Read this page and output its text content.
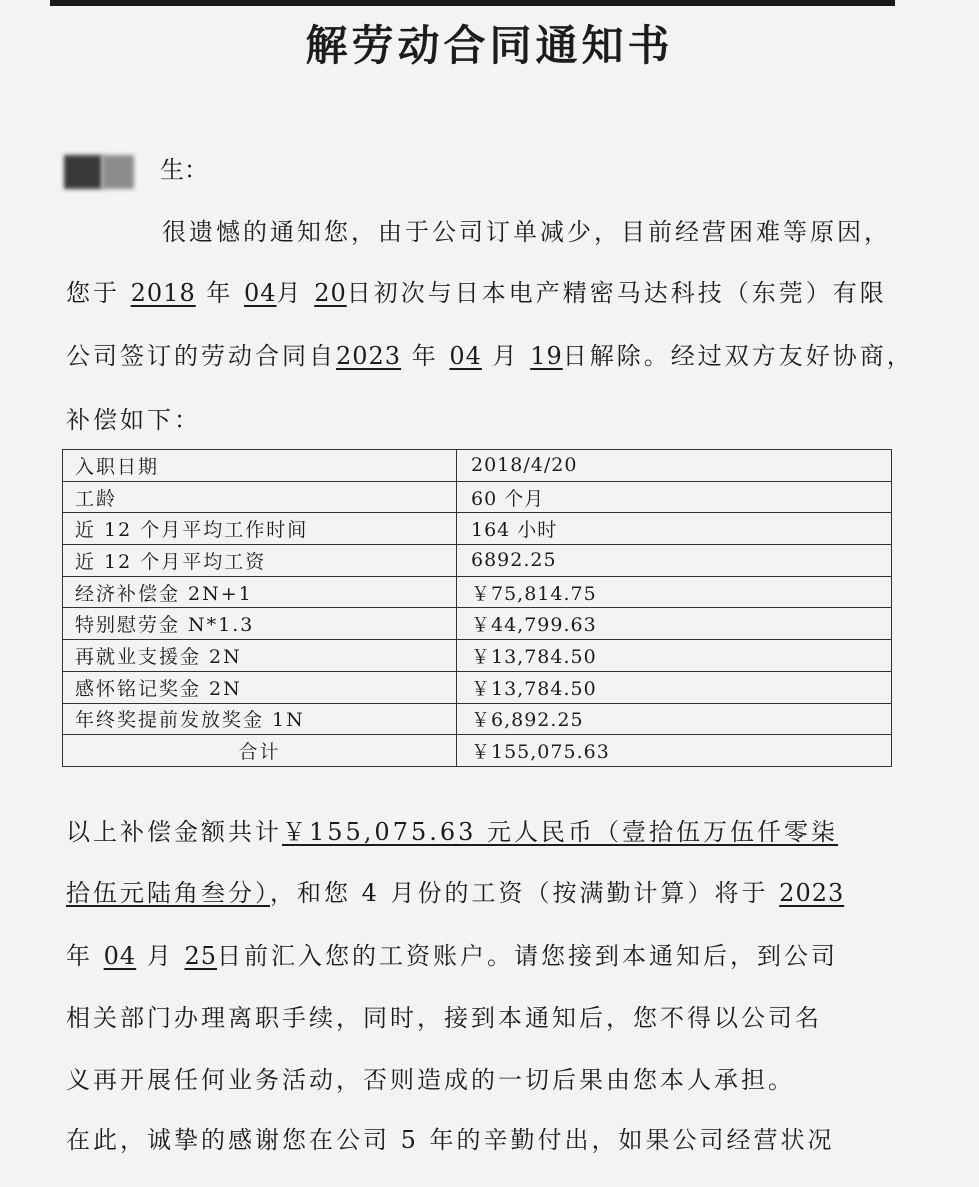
解劳动合同通知书
生：
很遗憾的通知您，由于公司订单减少，目前经营困难等原因，
您于 2018 年 04月 20日初次与日本电产精密马达科技（东莞）有限
公司签订的劳动合同自2023 年 04 月 19日解除。经过双方友好协商，
补偿如下：
入职日期	2018/4/20
工龄	60 个月
近 12 个月平均工作时间	164 小时
近 12 个月平均工资	6892.25
经济补偿金 2N+1	￥75,814.75
特别慰劳金 N*1.3	￥44,799.63
再就业支援金 2N	￥13,784.50
感怀铭记奖金 2N	￥13,784.50
年终奖提前发放奖金 1N	￥6,892.25
合计	￥155,075.63
以上补偿金额共计￥155,075.63 元人民币（壹拾伍万伍仟零柒
拾伍元陆角叁分），和您 4 月份的工资（按满勤计算）将于 2023
年 04 月 25日前汇入您的工资账户。请您接到本通知后，到公司
相关部门办理离职手续，同时，接到本通知后，您不得以公司名
义再开展任何业务活动，否则造成的一切后果由您本人承担。
在此，诚挚的感谢您在公司 5 年的辛勤付出，如果公司经营状况
